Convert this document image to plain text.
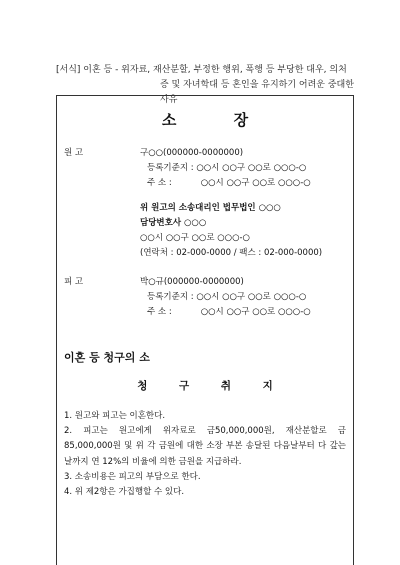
[서식] 이혼 등 - 위자료, 재산분할, 부정한 행위, 폭행 등 부당한 대우, 의처
증 및 자녀학대 등 혼인을 유지하기 어려운 중대한 사유
소 장
원 고	구○○(000000-0000000)
등록기준지 : ○○시 ○○구 ○○로 ○○○-○
주 소 :	○○시 ○○구 ○○로 ○○○-○
위 원고의 소송대리인 법무법인 ○○○
담당변호사 ○○○
○○시 ○○구 ○○로 ○○○-○
(연락처 : 02-000-0000 / 팩스 : 02-000-0000)
피 고	박○규(000000-0000000)
등록기준지 : ○○시 ○○구 ○○로 ○○○-○
주 소 :	○○시 ○○구 ○○로 ○○○-○
이혼 등 청구의 소
청 구 취 지

1. 원고와 피고는 이혼한다.

2. 피고는 원고에게 위자료로 금50,000,000원, 재산분할로 금 85,000,000원 및 위 각 금원에 대한 소장 부본 송달된 다음날부터 다 갚는 날까지 연 12%의 비율에 의한 금원을 지급하라.

3. 소송비용은 피고의 부담으로 한다.

4. 위 제2항은 가집행할 수 있다.
